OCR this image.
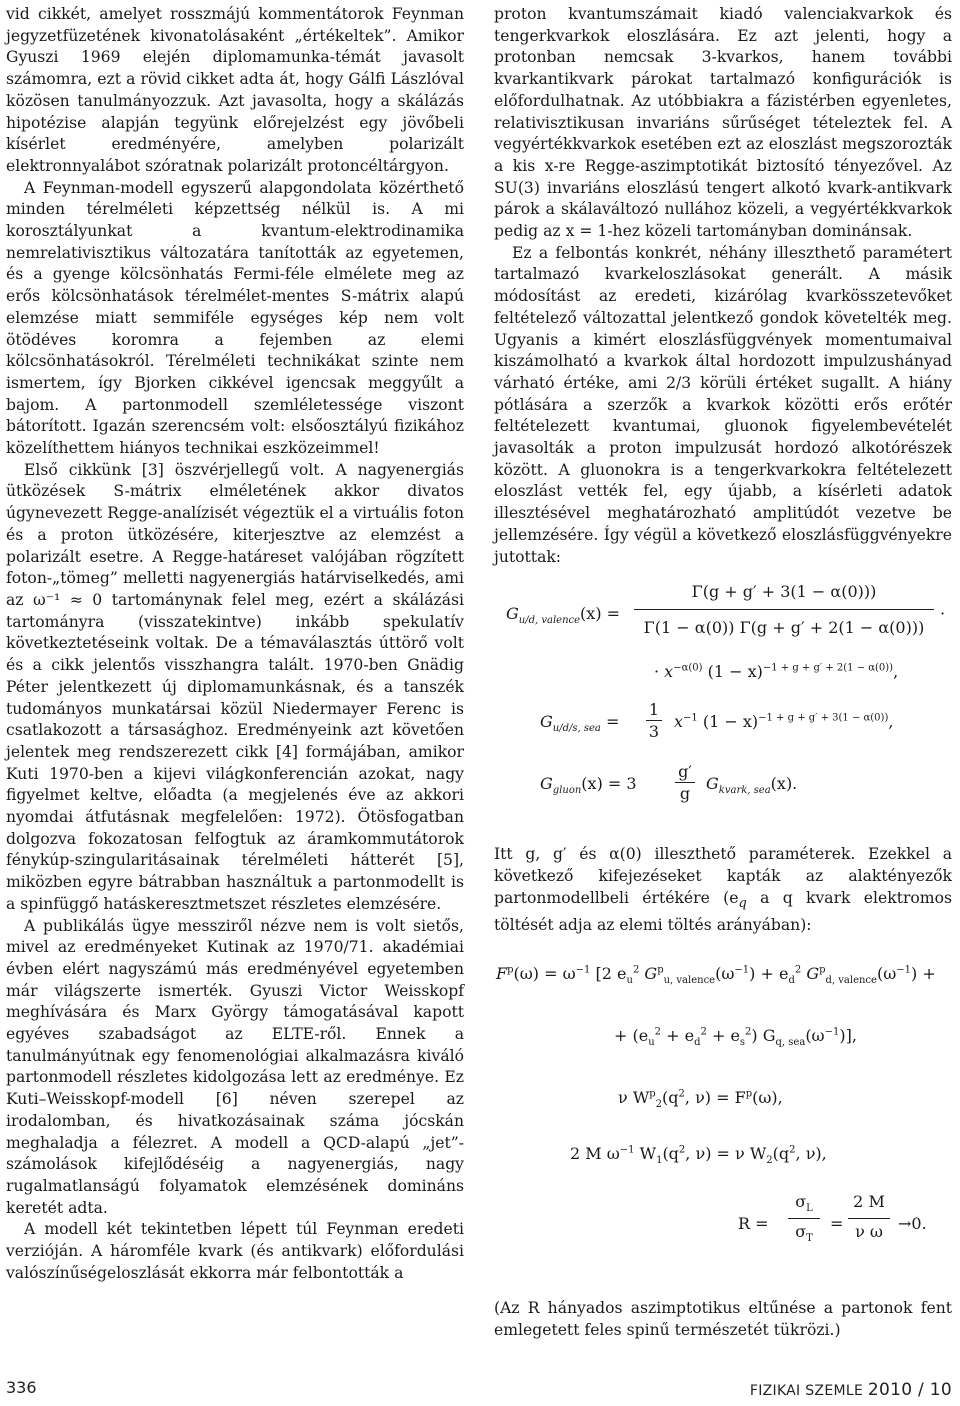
vid cikkét, amelyet rosszmájú kommentátorok Feynman jegyzetfüzetének kivonatolásaként „értékeltek”. Amikor Gyuszi 1969 elején diplomamunka-témát javasolt számomra, ezt a rövid cikket adta át, hogy Gálfi Lászlóval közösen tanulmányozzuk. Azt javasolta, hogy a skálázás hipotézise alapján tegyünk előrejelzést egy jövőbeli kísérlet eredményére, amelyben polarizált elektronnyalábot szóratnak polarizált protoncéltárgyon.

A Feynman-modell egyszerű alapgondolata közérthető minden térelméleti képzettség nélkül is. A mi korosztályunkat a kvantum-elektrodinamika nemrelativisztikus változatára tanították az egyetemen, és a gyenge kölcsönhatás Fermi-féle elmélete meg az erős kölcsönhatások térelmélet-mentes S-mátrix alapú elemzése miatt semmiféle egységes kép nem volt ötödéves koromra a fejemben az elemi kölcsönhatásokról. Térelméleti technikákat szinte nem ismertem, így Bjorken cikkével igencsak meggyűlt a bajom. A partonmodell szemléletessége viszont bátorított. Igazán szerencsém volt: elsőosztályú fizikához közelíthettem hiányos technikai eszközeimmel!

Első cikkünk [3] öszvérjellegű volt. A nagyenergiás ütközések S-mátrix elméletének akkor divatos úgynevezett Regge-analízisét végeztük el a virtuális foton és a proton ütközésére, kiterjesztve az elemzést a polarizált esetre. A Regge-határeset valójában rögzített foton-„tömeg” melletti nagyenergiás határviselkedés, ami az ω⁻¹ ≈ 0 tartománynak felel meg, ezért a skálázási tartományra (visszatekintve) inkább spekulatív következtetéseink voltak. De a témaválasztás úttörő volt és a cikk jelentős visszhangra talált. 1970-ben Gnädig Péter jelentkezett új diplomamunkásnak, és a tanszék tudományos munkatársai közül Niedermayer Ferenc is csatlakozott a társasághoz. Eredményeink azt követően jelentek meg rendszerezett cikk [4] formájában, amikor Kuti 1970-ben a kijevi világkonferencián azokat, nagy figyelmet keltve, előadta (a megjelenés éve az akkori nyomdai átfutásnak megfelelően: 1972). Ötösfogatban dolgozva fokozatosan felfogtuk az áramkommutátorok fénykúp-szingularitásainak térelméleti hátterét [5], miközben egyre bátrabban használtuk a partonmodellt is a spinfüggő hatáskeresztmetszet részletes elemzésére.

A publikálás ügye messziről nézve nem is volt sietős, mivel az eredményeket Kutinak az 1970/71. akadémiai évben elért nagyszámú más eredményével egyetemben már világszerte ismerték. Gyuszi Victor Weisskopf meghívására és Marx György támogatásával kapott egyéves szabadságot az ELTE-ről. Ennek a tanulmányútnak egy fenomenológiai alkalmazásra kiváló partonmodell részletes kidolgozása lett az eredménye. Ez Kuti–Weisskopf-modell [6] néven szerepel az irodalomban, és hivatkozásainak száma jócskán meghaladja a félezret. A modell a QCD-alapú „jet”-számolások kifejlődéséig a nagyenergiás, nagy rugalmatlanságú folyamatok elemzésének domináns keretét adta.

A modell két tekintetben lépett túl Feynman eredeti verzióján. A háromféle kvark (és antikvark) előfordulási valószínűségeloszlását ekkorra már felbontották a

proton kvantumszámait kiadó valenciakvarkok és tengerkvarkok eloszlására. Ez azt jelenti, hogy a protonban nemcsak 3-kvarkos, hanem további kvarkantikvark párokat tartalmazó konfigurációk is előfordulhatnak. Az utóbbiakra a fázistérben egyenletes, relativisztikusan invariáns sűrűséget tételeztek fel. A vegyértékkvarkok esetében ezt az eloszlást megszorozták a kis x-re Regge-aszimptotikát biztosító tényezővel. Az SU(3) invariáns eloszlású tengert alkotó kvark-antikvark párok a skálaváltozó nullához közeli, a vegyértékkvarkok pedig az x = 1-hez közeli tartományban dominánsak.

Ez a felbontás konkrét, néhány illeszthető paramétert tartalmazó kvarkeloszlásokat generált. A másik módosítást az eredeti, kizárólag kvarkösszetevőket feltételező változattal jelentkező gondok követelték meg. Ugyanis a kimért eloszlásfüggvények momentumaival kiszámolható a kvarkok által hordozott impulzushányad várható értéke, ami 2/3 körüli értéket sugallt. A hiány pótlására a szerzők a kvarkok közötti erős erőtér feltételezett kvantumai, gluonok figyelembevételét javasolták a proton impulzusát hordozó alkotórészek között. A gluonokra is a tengerkvarkokra feltételezett eloszlást vették fel, egy újabb, a kísérleti adatok illesztésével meghatározható amplitúdót vezetve be jellemzésére. Így végül a következő eloszlásfüggvényekre jutottak:

$G_{u/d, valence}(x)$ =
Γ(g + g′ + 3(1 − α(0)))
Γ(1 − α(0)) Γ(g + g′ + 2(1 − α(0)))
·
· $x^{-\alpha(0)}$ $(1 - x)^{-1 + g + g' + 2(1 - \alpha(0))}$,
$G_{u/d/s, sea}$ =
1
3
$x^{-1}$ $(1 - x)^{-1 + g + g' + 3(1 - \alpha(0))}$,
$G_{gluon}(x) = 3$
g′
g
$G_{kvark, sea}(x)$.

Itt g, g′ és α(0) illeszthető paraméterek. Ezekkel a következő kifejezéseket kapták az alaktényezők partonmodellbeli értékére ($e_q$ a q kvark elektromos töltését adja az elemi töltés arányában):

$F^p(\omega) = \omega^{-1}$ [2 $e_u^2$ $G^p_{u, valence}(\omega^{-1}) + e_d^2$ $G^p_{d, valence}(\omega^{-1})$ +
+ $(e_u^2 + e_d^2 + e_s^2)$ $G_{q, sea}(\omega^{-1})$],
ν $W^p_2(q^2$, $\nu) = F^p(\omega)$,
2 M $\omega^{-1}$ $W_1(q^2$, ν) = ν $W_2(q^2$, ν),
R =
$\sigma_L$
$\sigma_T$
=
2 M
ν ω →0.

(Az R hányados aszimptotikus eltűnése a partonok fent emlegetett feles spinű természetét tükrözi.)

336	FIZIKAI SZEMLE 2010 / 10
